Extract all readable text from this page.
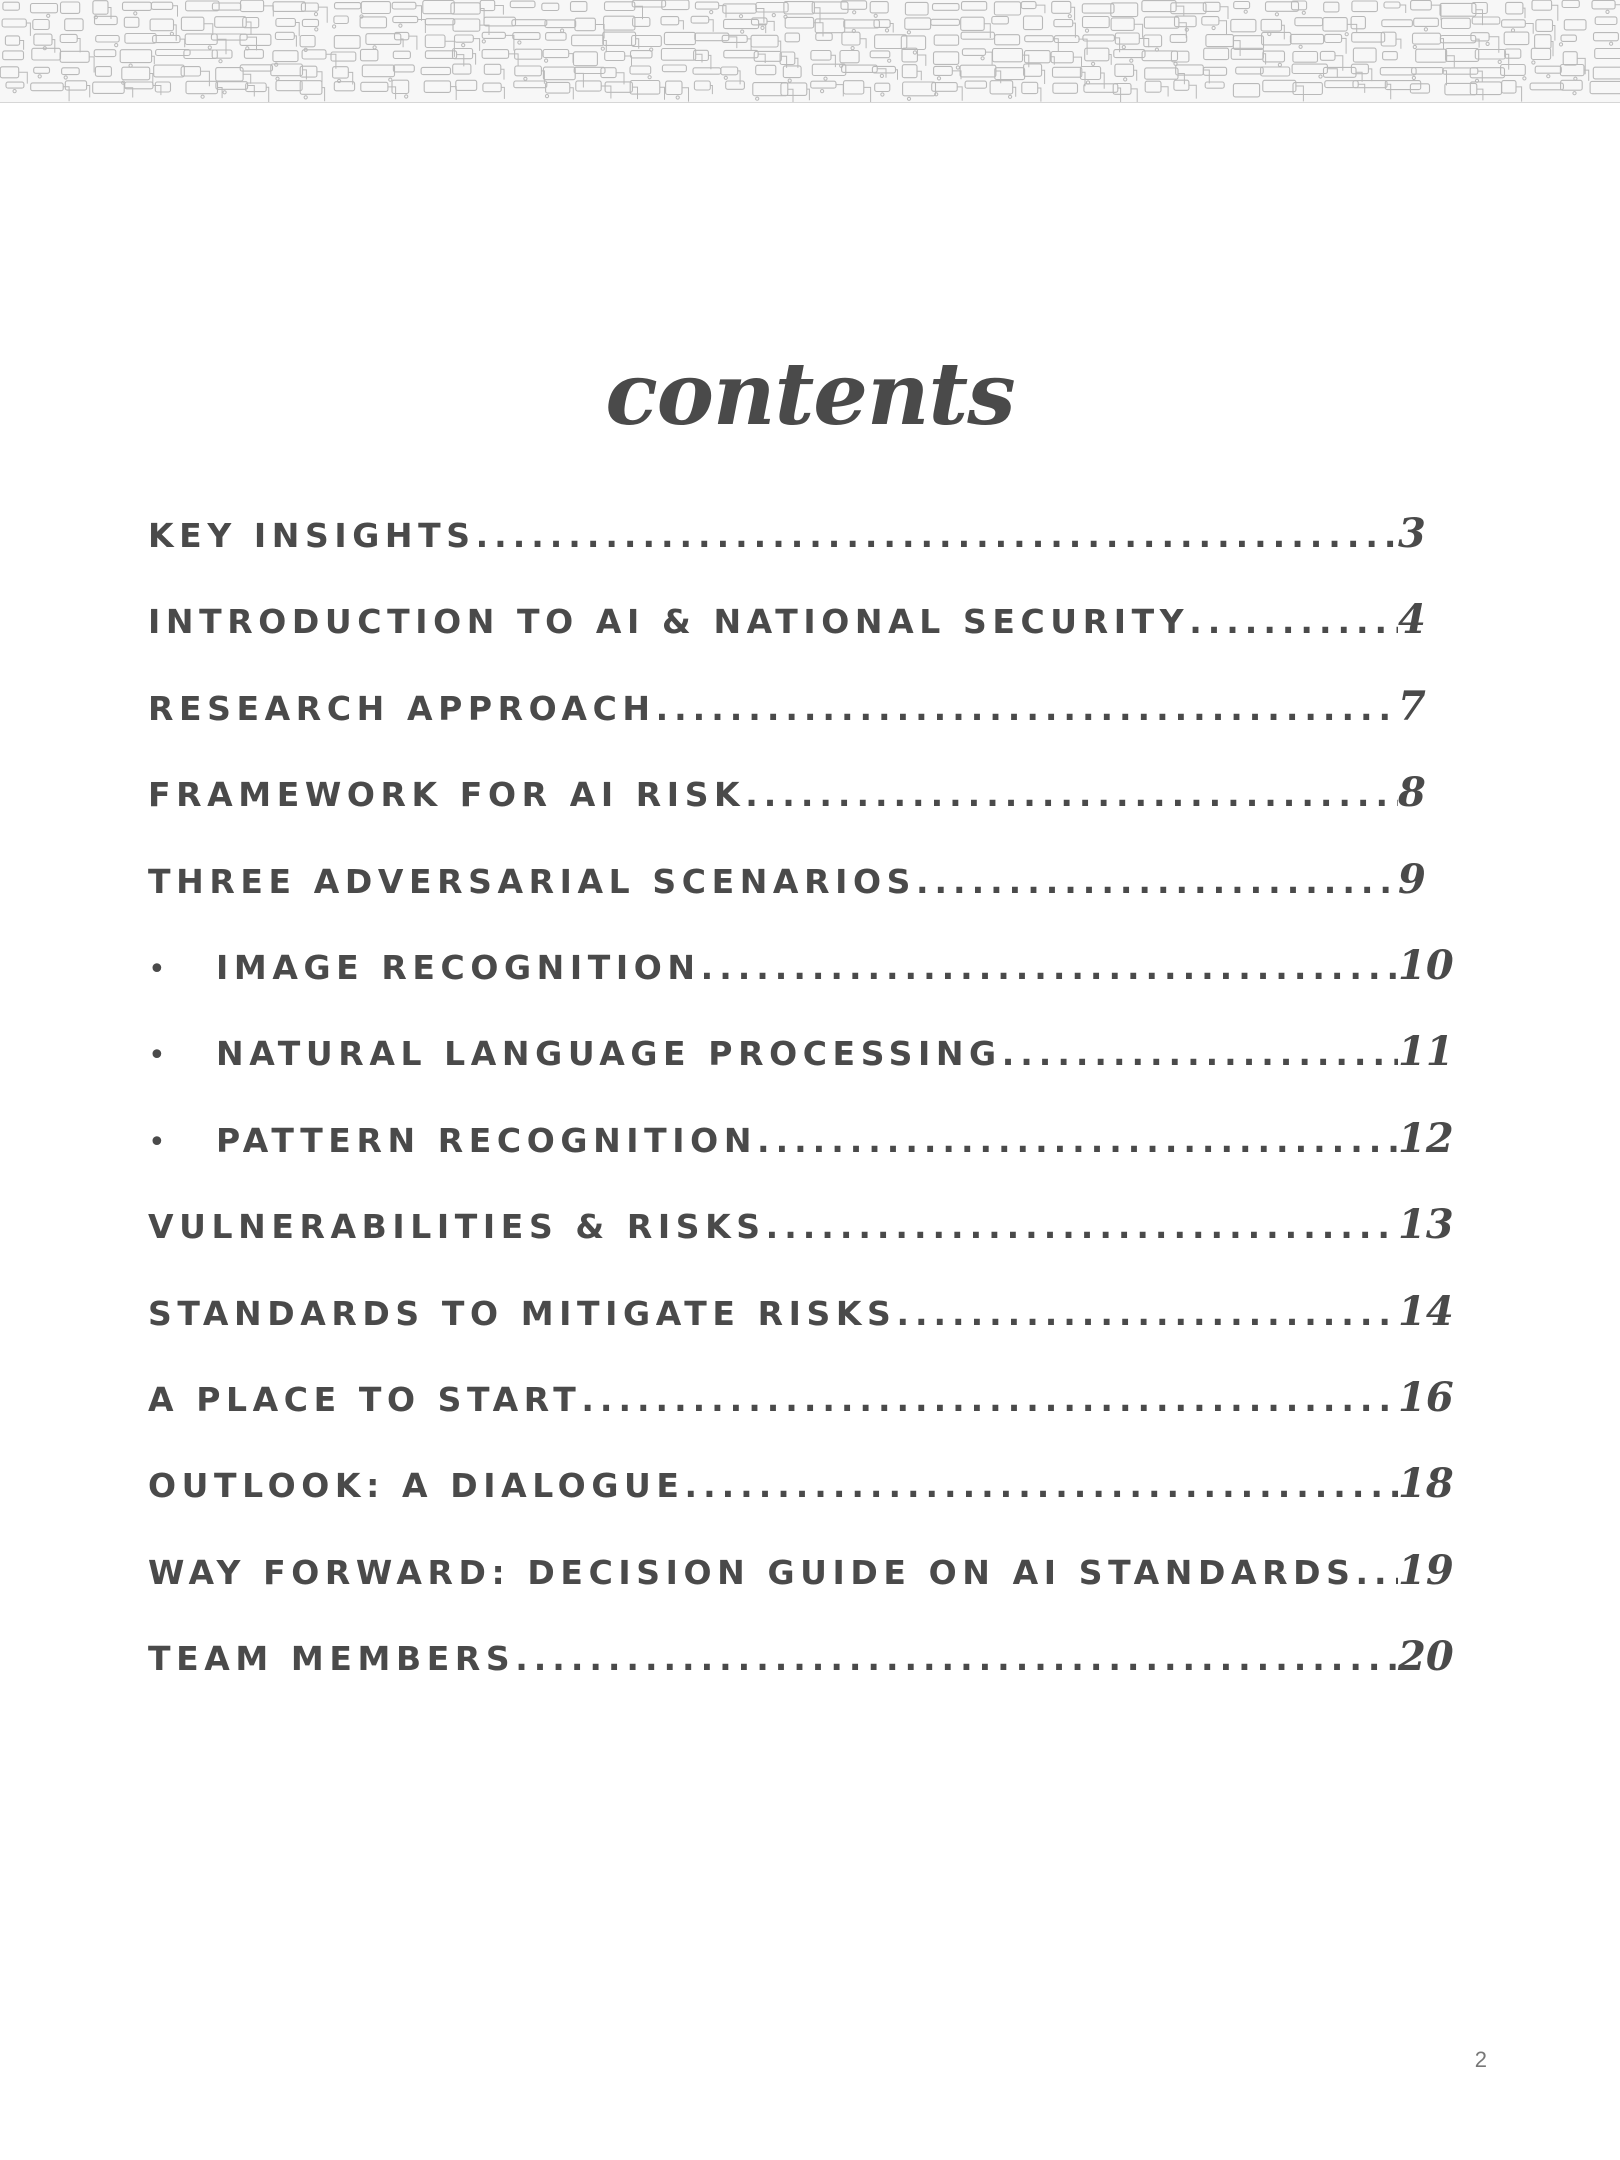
contents
KEY INSIGHTS .....	3
INTRODUCTION TO AI & NATIONAL SECURITY .....	4
RESEARCH APPROACH .....	7
FRAMEWORK FOR AI RISK .....	8
THREE ADVERSARIAL SCENARIOS .....	9
•	IMAGE RECOGNITION .....	10
•	NATURAL LANGUAGE PROCESSING .....	11
•	PATTERN RECOGNITION .....	12
VULNERABILITIES & RISKS .....	13
STANDARDS TO MITIGATE RISKS .....	14
A PLACE TO START .....	16
OUTLOOK: A DIALOGUE .....	18
WAY FORWARD: DECISION GUIDE ON AI STANDARDS ..... 19
TEAM MEMBERS .....	20
2
